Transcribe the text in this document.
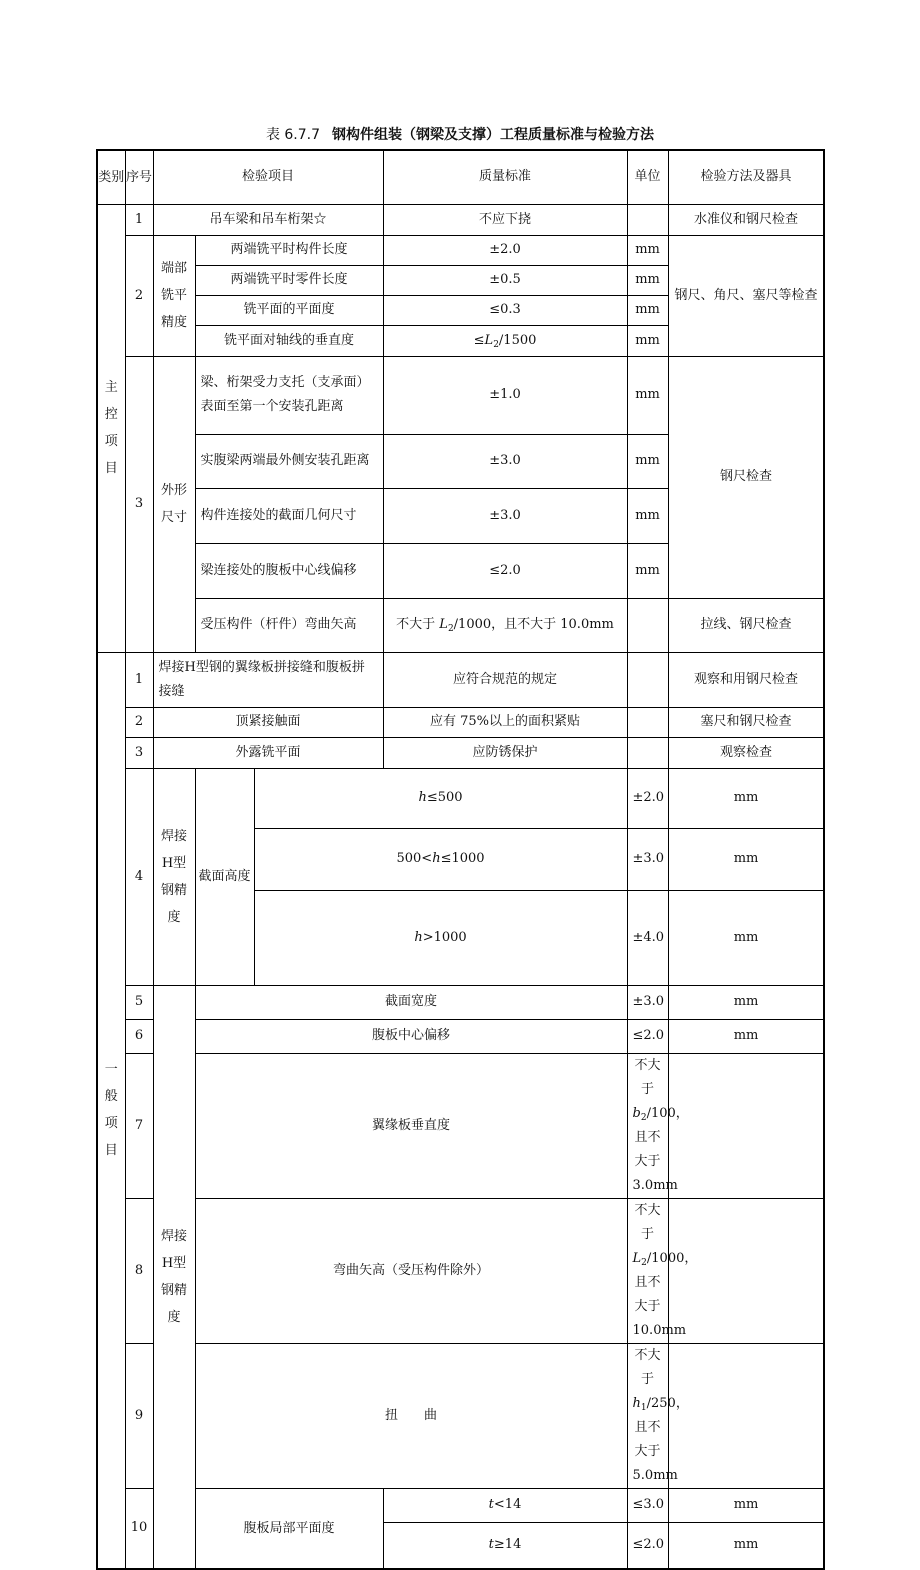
表 6.7.7 钢构件组装（钢梁及支撑）工程质量标准与检验方法
类别	序号	检验项目			质量标准	单位	检验方法及器具	
主控项目	1	吊车梁和吊车桁架☆			不应下挠		水准仪和钢尺检查	
	2	端部铣平精度	两端铣平时构件长度		±2.0	mm	钢尺、角尺、塞尺等检查	
			两端铣平时零件长度		±0.5	mm		
			铣平面的平面度		≤0.3	mm		
			铣平面对轴线的垂直度		$\le L_2/1500$	mm		
	3	外形尺寸	梁、桁架受力支托（支承面）表面至第一个安装孔距离		±1.0	mm	钢尺检查	
			实腹梁两端最外侧安装孔距离		±3.0	mm		
			构件连接处的截面几何尺寸		±3.0	mm		
			梁连接处的腹板中心线偏移		≤2.0	mm		
			受压构件（杆件）弯曲矢高		不大于 $L_2/1000$，且不大于 10.0mm		拉线、钢尺检查	
一般项目	1	焊接H型钢的翼缘板拼接缝和腹板拼接缝			应符合规范的规定		观察和用钢尺检查	
	2	顶紧接触面			应有 75%以上的面积紧贴		塞尺和钢尺检查	
	3	外露铣平面			应防锈保护		观察检查	
	4	焊接H型钢精度	截面高度	h≤500		±2.0	mm	
				500<h≤1000		±3.0	mm	
				h>1000		±4.0	mm	
	5	焊接H型钢精度	截面宽度			±3.0	mm	
	6		腹板中心偏移			≤2.0	mm	
	7		翼缘板垂直度			不大于 $b_2/100$，且不大于 3.0mm		
	8		弯曲矢高（受压构件除外）			不大于 $L_2/1000$，且不大于 10.0mm		
	9		扭　　曲			不大于 $h_1/250$，且不大于 5.0mm		
	10		腹板局部平面度		t<14	≤3.0	mm	
					t≥14	≤2.0	mm	
